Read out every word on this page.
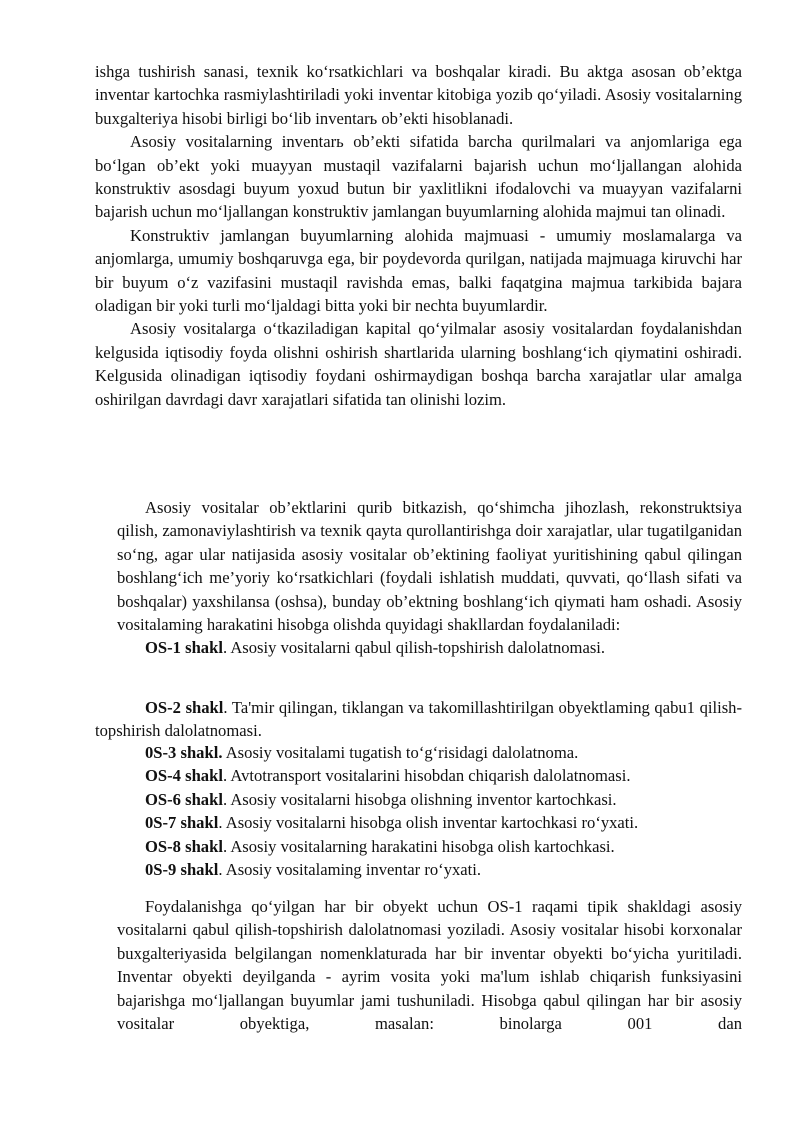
ishga tushirish sanasi, texnik ko‘rsatkichlari va boshqalar kiradi. Bu aktga asosan ob’ektga inventar kartochka rasmiylashtiriladi yoki inventar kitobiga yozib qo‘yiladi. Asosiy vositalarning buxgalteriya hisobi birligi bo‘lib inventarь ob’ekti hisoblanadi.

Asosiy vositalarning inventarь ob’ekti sifatida barcha qurilmalari va anjomlariga ega bo‘lgan ob’ekt yoki muayyan mustaqil vazifalarni bajarish uchun mo‘ljallangan alohida konstruktiv asosdagi buyum yoxud butun bir yaxlitlikni ifodalovchi va muayyan vazifalarni bajarish uchun mo‘ljallangan konstruktiv jamlangan buyumlarning alohida majmui tan olinadi.

Konstruktiv jamlangan buyumlarning alohida majmuasi - umumiy moslamalarga va anjomlarga, umumiy boshqaruvga ega, bir poydevorda qurilgan, natijada majmuaga kiruvchi har bir buyum o‘z vazifasini mustaqil ravishda emas, balki faqatgina majmua tarkibida bajara oladigan bir yoki turli mo‘ljaldagi bitta yoki bir nechta buyumlardir.

Asosiy vositalarga o‘tkaziladigan kapital qo‘yilmalar asosiy vositalardan foydalanishdan kelgusida iqtisodiy foyda olishni oshirish shartlarida ularning boshlang‘ich qiymatini oshiradi. Kelgusida olinadigan iqtisodiy foydani oshirmaydigan boshqa barcha xarajatlar ular amalga oshirilgan davrdagi davr xarajatlari sifatida tan olinishi lozim.

Asosiy vositalar ob’ektlarini qurib bitkazish, qo‘shimcha jihozlash, rekonstruktsiya qilish, zamonaviylashtirish va texnik qayta qurollantirishga doir xarajatlar, ular tugatilganidan so‘ng, agar ular natijasida asosiy vositalar ob’ektining faoliyat yuritishining qabul qilingan boshlang‘ich me’yoriy ko‘rsatkichlari (foydali ishlatish muddati, quvvati, qo‘llash sifati va boshqalar) yaxshilansa (oshsa), bunday ob’ektning boshlang‘ich qiymati ham oshadi. Asosiy vositalaming harakatini hisobga olishda quyidagi shakllardan foydalaniladi:

OS-1 shakl. Asosiy vositalarni qabul qilish-topshirish dalolatnomasi.

OS-2 shakl. Ta'mir qilingan, tiklangan va takomillashtirilgan obyektlaming qabu1 qilish-topshirish dalolatnomasi.

0S-3 shakl. Asosiy vositalami tugatish to‘g‘risidagi dalolatnoma.

OS-4 shakl. Avtotransport vositalarini hisobdan chiqarish dalolatnomasi.

OS-6 shakl. Asosiy vositalarni hisobga olishning inventor kartochkasi.

0S-7 shakl. Asosiy vositalarni hisobga olish inventar kartochkasi ro‘yxati.

OS-8 shakl. Asosiy vositalarning harakatini hisobga olish kartochkasi.

0S-9 shakl. Asosiy vositalaming inventar ro‘yxati.

Foydalanishga qo‘yilgan har bir obyekt uchun OS-1 raqami tipik shakldagi asosiy vositalarni qabul qilish-topshirish dalolatnomasi yoziladi. Asosiy vositalar hisobi korxonalar buxgalteriyasida belgilangan nomenklaturada har bir inventar obyekti bo‘yicha yuritiladi. Inventar obyekti deyilganda - ayrim vosita yoki ma'lum ishlab chiqarish funksiyasini bajarishga mo‘ljallangan buyumlar jami tushuniladi. Hisobga qabul qilingan har bir asosiy vositalar obyektiga, masalan: binolarga 001 dan
